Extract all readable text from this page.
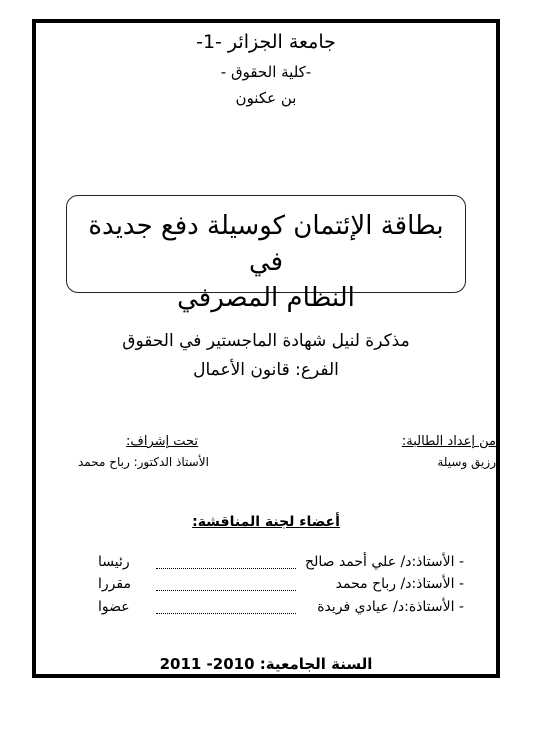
جامعة الجزائر -1-
-كلية الحقوق -
بن عكنون
بطاقة الإئتمان كوسيلة دفع جديدة في
النظام المصرفي
مذكرة لنيل شهادة الماجستير في الحقوق
الفرع: قانون الأعمال
من إعداد الطالبة:
رزيق وسيلة
تحت إشراف:
الأستاذ الدكتور: رباح محمد
أعضاء لجنة المناقشة:
- الأستاذ:د/ علي أحمد صالح
رئيسا
- الأستاذ:د/ رباح محمد
مقررا
- الأستاذة:د/ عيادي فريدة
عضوا
السنة الجامعية: 2010- 2011
